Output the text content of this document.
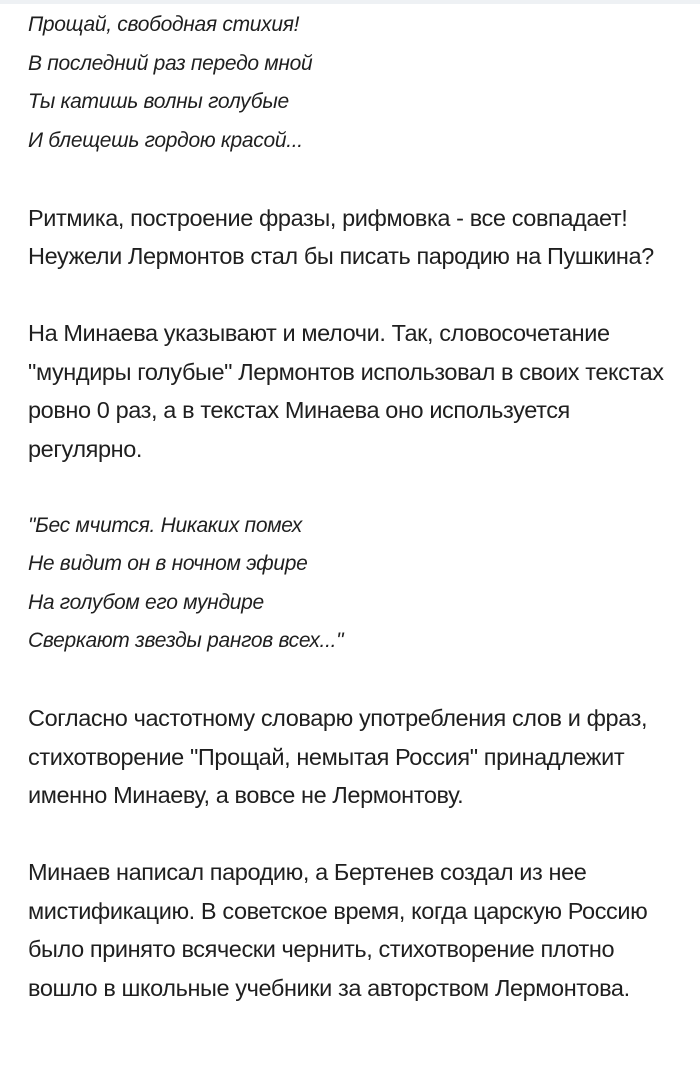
Прощай, свободная стихия!
В последний раз передо мной
Ты катишь волны голубые
И блещешь гордою красой...

Ритмика, построение фразы, рифмовка - все совпадает! Неужели Лермонтов стал бы писать пародию на Пушкина?

На Минаева указывают и мелочи. Так, словосочетание "мундиры голубые" Лермонтов использовал в своих текстах ровно 0 раз, а в текстах Минаева оно используется регулярно.

"Бес мчится. Никаких помех
Не видит он в ночном эфире
На голубом его мундире
Сверкают звезды рангов всех..."

Согласно частотному словарю употребления слов и фраз, стихотворение "Прощай, немытая Россия" принадлежит именно Минаеву, а вовсе не Лермонтову.

Минаев написал пародию, а Бертенев создал из нее мистификацию. В советское время, когда царскую Россию было принято всячески чернить, стихотворение плотно вошло в школьные учебники за авторством Лермонтова.
